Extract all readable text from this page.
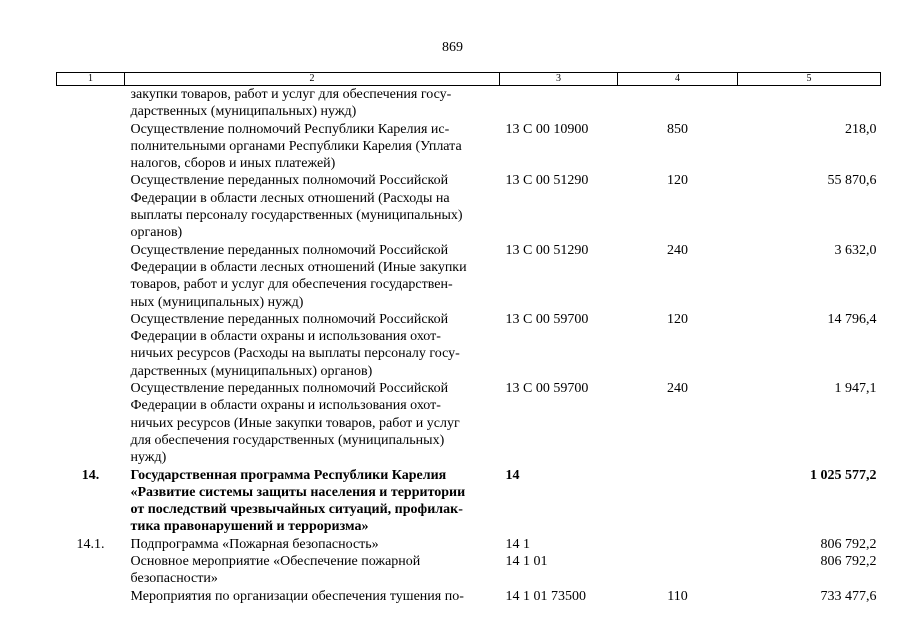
869
1	2	3	4	5

	закупки товаров, работ и услуг для обеспечения госу-
дарственных (муниципальных) нужд)			

	Осуществление полномочий Республики Карелия ис-
полнительными органами Республики Карелия (Уплата
налогов, сборов и иных платежей)	13 С 00 10900	850	218,0

	Осуществление переданных полномочий Российской
Федерации в области лесных отношений (Расходы на
выплаты персоналу государственных (муниципальных)
органов)	13 С 00 51290	120	55 870,6

	Осуществление переданных полномочий Российской
Федерации в области лесных отношений (Иные закупки
товаров, работ и услуг для обеспечения государствен-
ных (муниципальных) нужд)	13 С 00 51290	240	3 632,0

	Осуществление переданных полномочий Российской
Федерации в области охраны и использования охот-
ничьих ресурсов (Расходы на выплаты персоналу госу-
дарственных (муниципальных) органов)	13 С 00 59700	120	14 796,4

	Осуществление переданных полномочий Российской
Федерации в области охраны и использования охот-
ничьих ресурсов (Иные закупки товаров, работ и услуг
для обеспечения государственных (муниципальных)
нужд)	13 С 00 59700	240	1 947,1
14.	Государственная программа Республики Карелия
«Развитие системы защиты населения и территории
от последствий чрезвычайных ситуаций, профилак-
тика правонарушений и терроризма»	14		1 025 577,2
14.1.	Подпрограмма «Пожарная безопасность»	14 1		806 792,2

	Основное мероприятие «Обеспечение пожарной
безопасности»	14 1 01		806 792,2

	Мероприятия по организации обеспечения тушения по-	14 1 01 73500	110	733 477,6
